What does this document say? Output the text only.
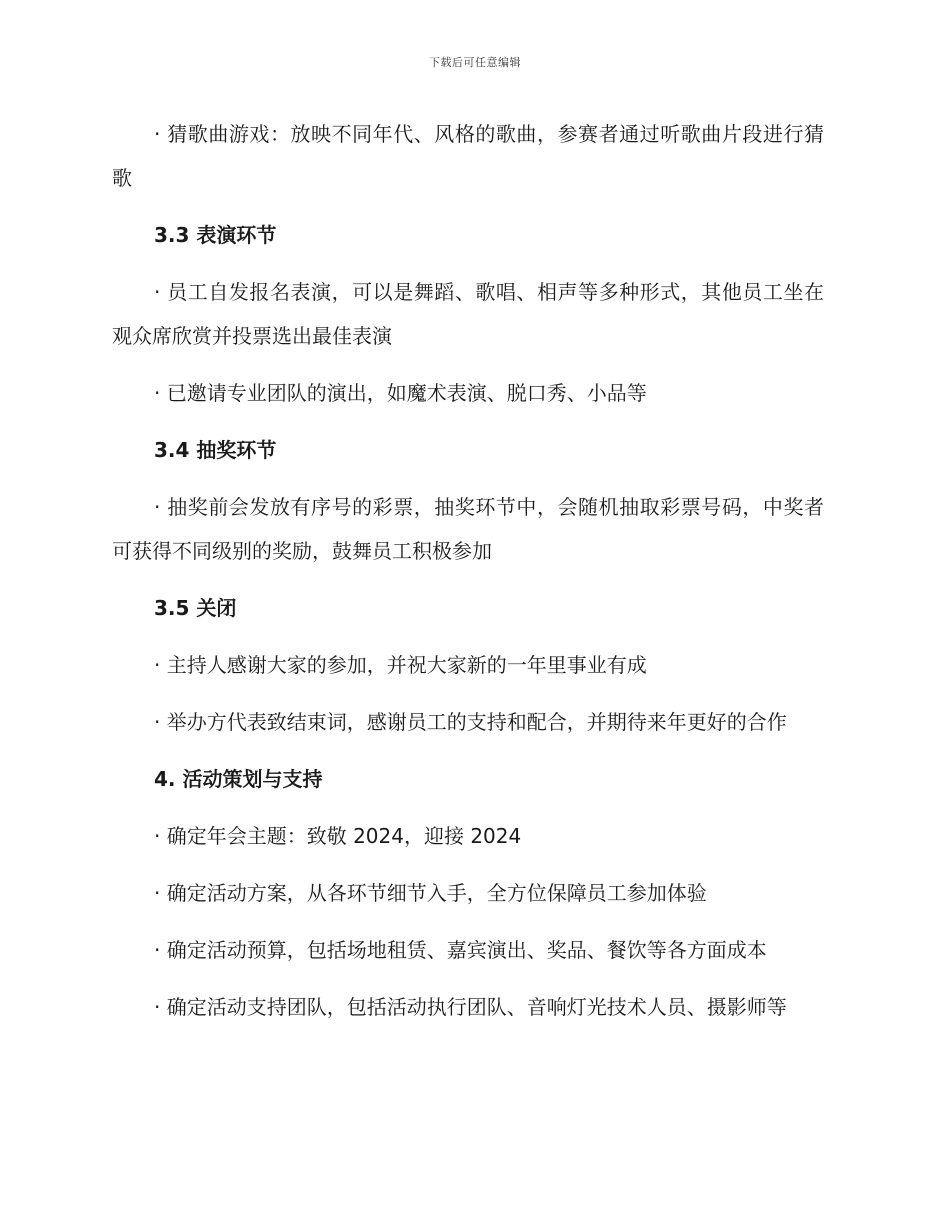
下载后可任意编辑

· 猜歌曲游戏：放映不同年代、风格的歌曲，参赛者通过听歌曲片段进行猜歌

3.3 表演环节

· 员工自发报名表演，可以是舞蹈、歌唱、相声等多种形式，其他员工坐在观众席欣赏并投票选出最佳表演

· 已邀请专业团队的演出，如魔术表演、脱口秀、小品等

3.4 抽奖环节

· 抽奖前会发放有序号的彩票，抽奖环节中，会随机抽取彩票号码，中奖者可获得不同级别的奖励，鼓舞员工积极参加

3.5 关闭

· 主持人感谢大家的参加，并祝大家新的一年里事业有成

· 举办方代表致结束词，感谢员工的支持和配合，并期待来年更好的合作

4. 活动策划与支持

· 确定年会主题：致敬 2024，迎接 2024

· 确定活动方案，从各环节细节入手，全方位保障员工参加体验

· 确定活动预算，包括场地租赁、嘉宾演出、奖品、餐饮等各方面成本

· 确定活动支持团队，包括活动执行团队、音响灯光技术人员、摄影师等
